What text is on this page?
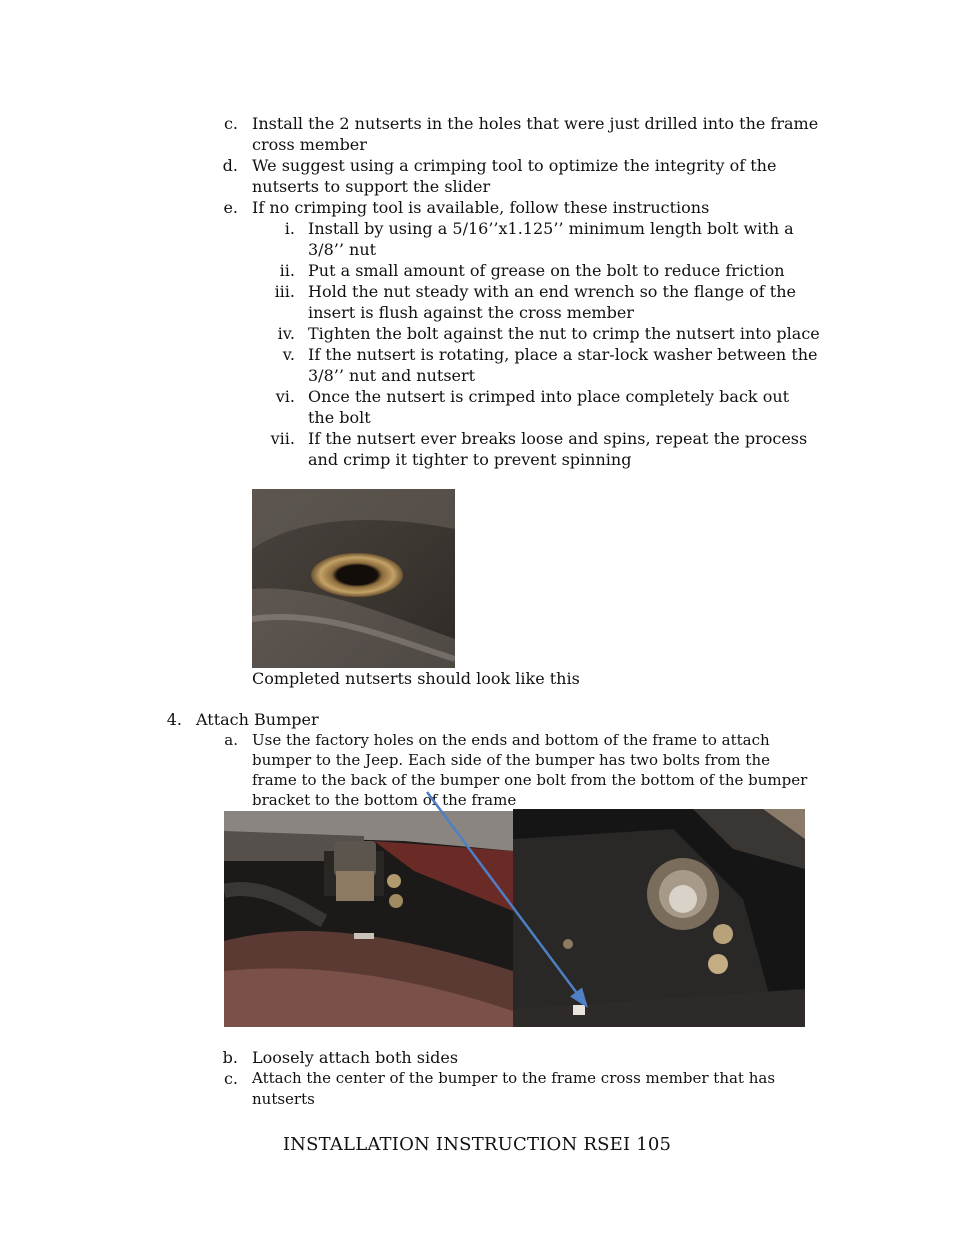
c. Install the 2 nutserts in the holes that were just drilled into the frame cross member
d. We suggest using a crimping tool to optimize the integrity of the nutserts to support the slider
e. If no crimping tool is available, follow these instructions
i. Install by using a 5/16’’x1.125’’ minimum length bolt with a 3/8’’ nut
ii. Put a small amount of grease on the bolt to reduce friction
iii. Hold the nut steady with an end wrench so the flange of the insert is flush against the cross member
iv. Tighten the bolt against the nut to crimp the nutsert into place
v. If the nutsert is rotating, place a star-lock washer between the 3/8’’ nut and nutsert
vi. Once the nutsert is crimped into place completely back out the bolt
vii. If the nutsert ever breaks loose and spins, repeat the process and crimp it tighter to prevent spinning
Completed nutserts should look like this
4. Attach Bumper
a. Use the factory holes on the ends and bottom of the frame to attach bumper to the Jeep. Each side of the bumper has two bolts from the frame to the back of the bumper one bolt from the bottom of the bumper bracket to the bottom of the frame
b. Loosely attach both sides
c. Attach the center of the bumper to the frame cross member that has nutserts
INSTALLATION INSTRUCTION RSEI 105
